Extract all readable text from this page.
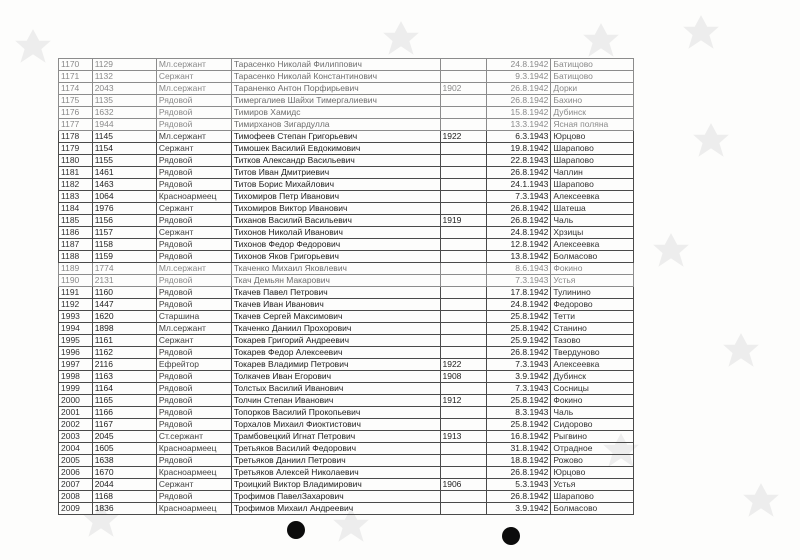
1170	1129	Мл.сержант	Тарасенко Николай Филиппович		24.8.1942	Батищово
1171	1132	Сержант	Тарасенко Николай Константинович		9.3.1942	Батищово
1174	2043	Мл.сержант	Тараненко Антон Порфирьевич	1902	26.8.1942	Дорки
1175	1135	Рядовой	Тимергалиев Шайхи Тимергалиевич		26.8.1942	Бахино
1176	1632	Рядовой	Тимиров Хамидс		15.8.1942	Дубинск
1177	1944	Рядовой	Тимирханов Зигардулла		13.3.1942	Ясная поляна
1178	1145	Мл.сержант	Тимофеев Степан Григорьевич	1922	6.3.1943	Юрцово
1179	1154	Сержант	Тимошек Василий Евдокимович		19.8.1942	Шарапово
1180	1155	Рядовой	Титков Александр Васильевич		22.8.1943	Шарапово
1181	1461	Рядовой	Титов Иван Дмитриевич		26.8.1942	Чаплин
1182	1463	Рядовой	Титов Борис Михайлович		24.1.1943	Шарапово
1183	1064	Красноармеец	Тихомиров Петр Иванович		7.3.1943	Алексеевка
1184	1976	Сержант	Тихомиров Виктор Иванович		26.8.1942	Шатеша
1185	1156	Рядовой	Тиханов Василий Васильевич	1919	26.8.1942	Чаль
1186	1157	Сержант	Тихонов Николай Иванович		24.8.1942	Хрзицы
1187	1158	Рядовой	Тихонов Федор Федорович		12.8.1942	Алексеевка
1188	1159	Рядовой	Тихонов Яков Григорьевич		13.8.1942	Болмасово
1189	1774	Мл.сержант	Ткаченко Михаил Яковлевич		8.6.1943	Фокино
1190	2131	Рядовой	Ткач Демьян Макарович		7.3.1943	Устья
1191	1160	Рядовой	Ткачев Павел Петрович		17.8.1942	Тулинино
1192	1447	Рядовой	Ткачев Иван Иванович		24.8.1942	Федорово
1993	1620	Старшина	Ткачев Сергей Максимович		25.8.1942	Тетти
1994	1898	Мл.сержант	Ткаченко Даниил Прохорович		25.8.1942	Станино
1995	1161	Сержант	Токарев Григорий Андреевич		25.9.1942	Тазово
1996	1162	Рядовой	Токарев Федор Алексеевич		26.8.1942	Твердуново
1997	2116	Ефрейтор	Токарев Владимир Петрович	1922	7.3.1943	Алексеевка
1998	1163	Рядовой	Толкачев Иван Егорович	1908	3.9.1942	Дубинск
1999	1164	Рядовой	Толстых Василий Иванович		7.3.1943	Сосницы
2000	1165	Рядовой	Толчин Степан Иванович	1912	25.8.1942	Фокино
2001	1166	Рядовой	Топорков Василий Прокопьевич		8.3.1943	Чаль
2002	1167	Рядовой	Торхалов Михаил Фиоктистович		25.8.1942	Сидорово
2003	2045	Ст.сержант	Трамбовецкий Игнат Петрович	1913	16.8.1942	Рыгвино
2004	1605	Красноармеец	Третьяков Василий Федорович		31.8.1942	Отрадное
2005	1638	Рядовой	Третьяков Даниил Петрович		18.8.1942	Рожово
2006	1670	Красноармеец	Третьяков Алексей Николаевич		26.8.1942	Юрцово
2007	2044	Сержант	Троицкий Виктор Владимирович	1906	5.3.1943	Устья
2008	1168	Рядовой	Трофимов ПавелЗахарович		26.8.1942	Шарапово
2009	1836	Красноармеец	Трофимов Михаил Андреевич		3.9.1942	Болмасово
